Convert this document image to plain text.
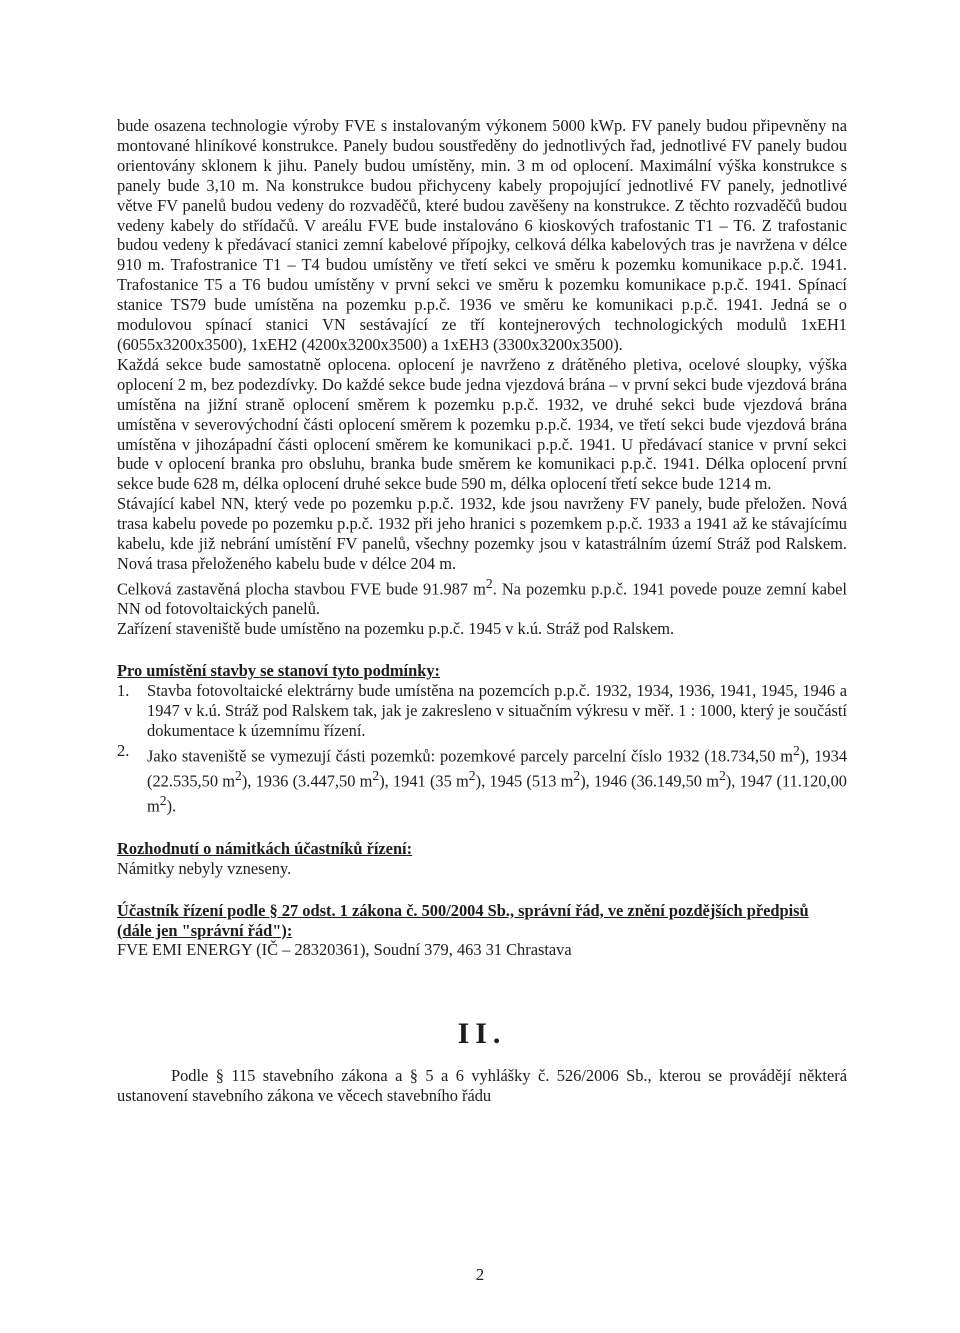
bude osazena technologie výroby FVE s instalovaným výkonem 5000 kWp. FV panely budou připevněny na montované hliníkové konstrukce. Panely budou soustředěny do jednotlivých řad, jednotlivé FV panely budou orientovány sklonem k jihu. Panely budou umístěny, min. 3 m od oplocení. Maximální výška konstrukce s panely bude 3,10 m. Na konstrukce budou přichyceny kabely propojující jednotlivé FV panely, jednotlivé větve FV panelů budou vedeny do rozvaděčů, které budou zavěšeny na konstrukce. Z těchto rozvaděčů budou vedeny kabely do střídačů. V areálu FVE bude instalováno 6 kioskových trafostanic T1 – T6. Z trafostanic budou vedeny k předávací stanici zemní kabelové přípojky, celková délka kabelových tras je navržena v délce 910 m. Trafostranice T1 – T4 budou umístěny ve třetí sekci ve směru k pozemku komunikace p.p.č. 1941. Trafostanice T5 a T6 budou umístěny v první sekci ve směru k pozemku komunikace p.p.č. 1941. Spínací stanice TS79 bude umístěna na pozemku p.p.č. 1936 ve směru ke komunikaci p.p.č. 1941. Jedná se o modulovou spínací stanici VN sestávající ze tří kontejnerových technologických modulů 1xEH1 (6055x3200x3500), 1xEH2 (4200x3200x3500) a 1xEH3 (3300x3200x3500).

Každá sekce bude samostatně oplocena. oplocení je navrženo z drátěného pletiva, ocelové sloupky, výška oplocení 2 m, bez podezdívky. Do každé sekce bude jedna vjezdová brána – v první sekci bude vjezdová brána umístěna na jižní straně oplocení směrem k pozemku p.p.č. 1932, ve druhé sekci bude vjezdová brána umístěna v severovýchodní části oplocení směrem k pozemku p.p.č. 1934, ve třetí sekci bude vjezdová brána umístěna v jihozápadní části oplocení směrem ke komunikaci p.p.č. 1941. U předávací stanice v první sekci bude v oplocení branka pro obsluhu, branka bude směrem ke komunikaci p.p.č. 1941. Délka oplocení první sekce bude 628 m, délka oplocení druhé sekce bude 590 m, délka oplocení třetí sekce bude 1214 m.

Stávající kabel NN, který vede po pozemku p.p.č. 1932, kde jsou navrženy FV panely, bude přeložen. Nová trasa kabelu povede po pozemku p.p.č. 1932 při jeho hranici s pozemkem p.p.č. 1933 a 1941 až ke stávajícímu kabelu, kde již nebrání umístění FV panelů, všechny pozemky jsou v katastrálním území Stráž pod Ralskem. Nová trasa přeloženého kabelu bude v délce 204 m.

Celková zastavěná plocha stavbou FVE bude 91.987 $m^2$. Na pozemku p.p.č. 1941 povede pouze zemní kabel NN od fotovoltaických panelů.

Zařízení staveniště bude umístěno na pozemku p.p.č. 1945 v k.ú. Stráž pod Ralskem.

Pro umístění stavby se stanoví tyto podmínky:

1. Stavba fotovoltaické elektrárny bude umístěna na pozemcích p.p.č. 1932, 1934, 1936, 1941, 1945, 1946 a 1947 v k.ú. Stráž pod Ralskem tak, jak je zakresleno v situačním výkresu v měř. 1 : 1000, který je součástí dokumentace k územnímu řízení.
2. Jako staveniště se vymezují části pozemků: pozemkové parcely parcelní číslo 1932 (18.734,50 $m^2$), 1934 (22.535,50 $m^2$), 1936 (3.447,50 $m^2$), 1941 (35 $m^2$), 1945 (513 $m^2$), 1946 (36.149,50 $m^2$), 1947 (11.120,00 $m^2$).

Rozhodnutí o námitkách účastníků řízení:

Námitky nebyly vzneseny.

Účastník řízení podle § 27 odst. 1 zákona č. 500/2004 Sb., správní řád, ve znění pozdějších předpisů (dále jen "správní řád"):

FVE EMI ENERGY (IČ – 28320361), Soudní 379, 463 31 Chrastava

II.

Podle § 115 stavebního zákona a § 5 a 6 vyhlášky č. 526/2006 Sb., kterou se provádějí některá ustanovení stavebního zákona ve věcech stavebního řádu

2
